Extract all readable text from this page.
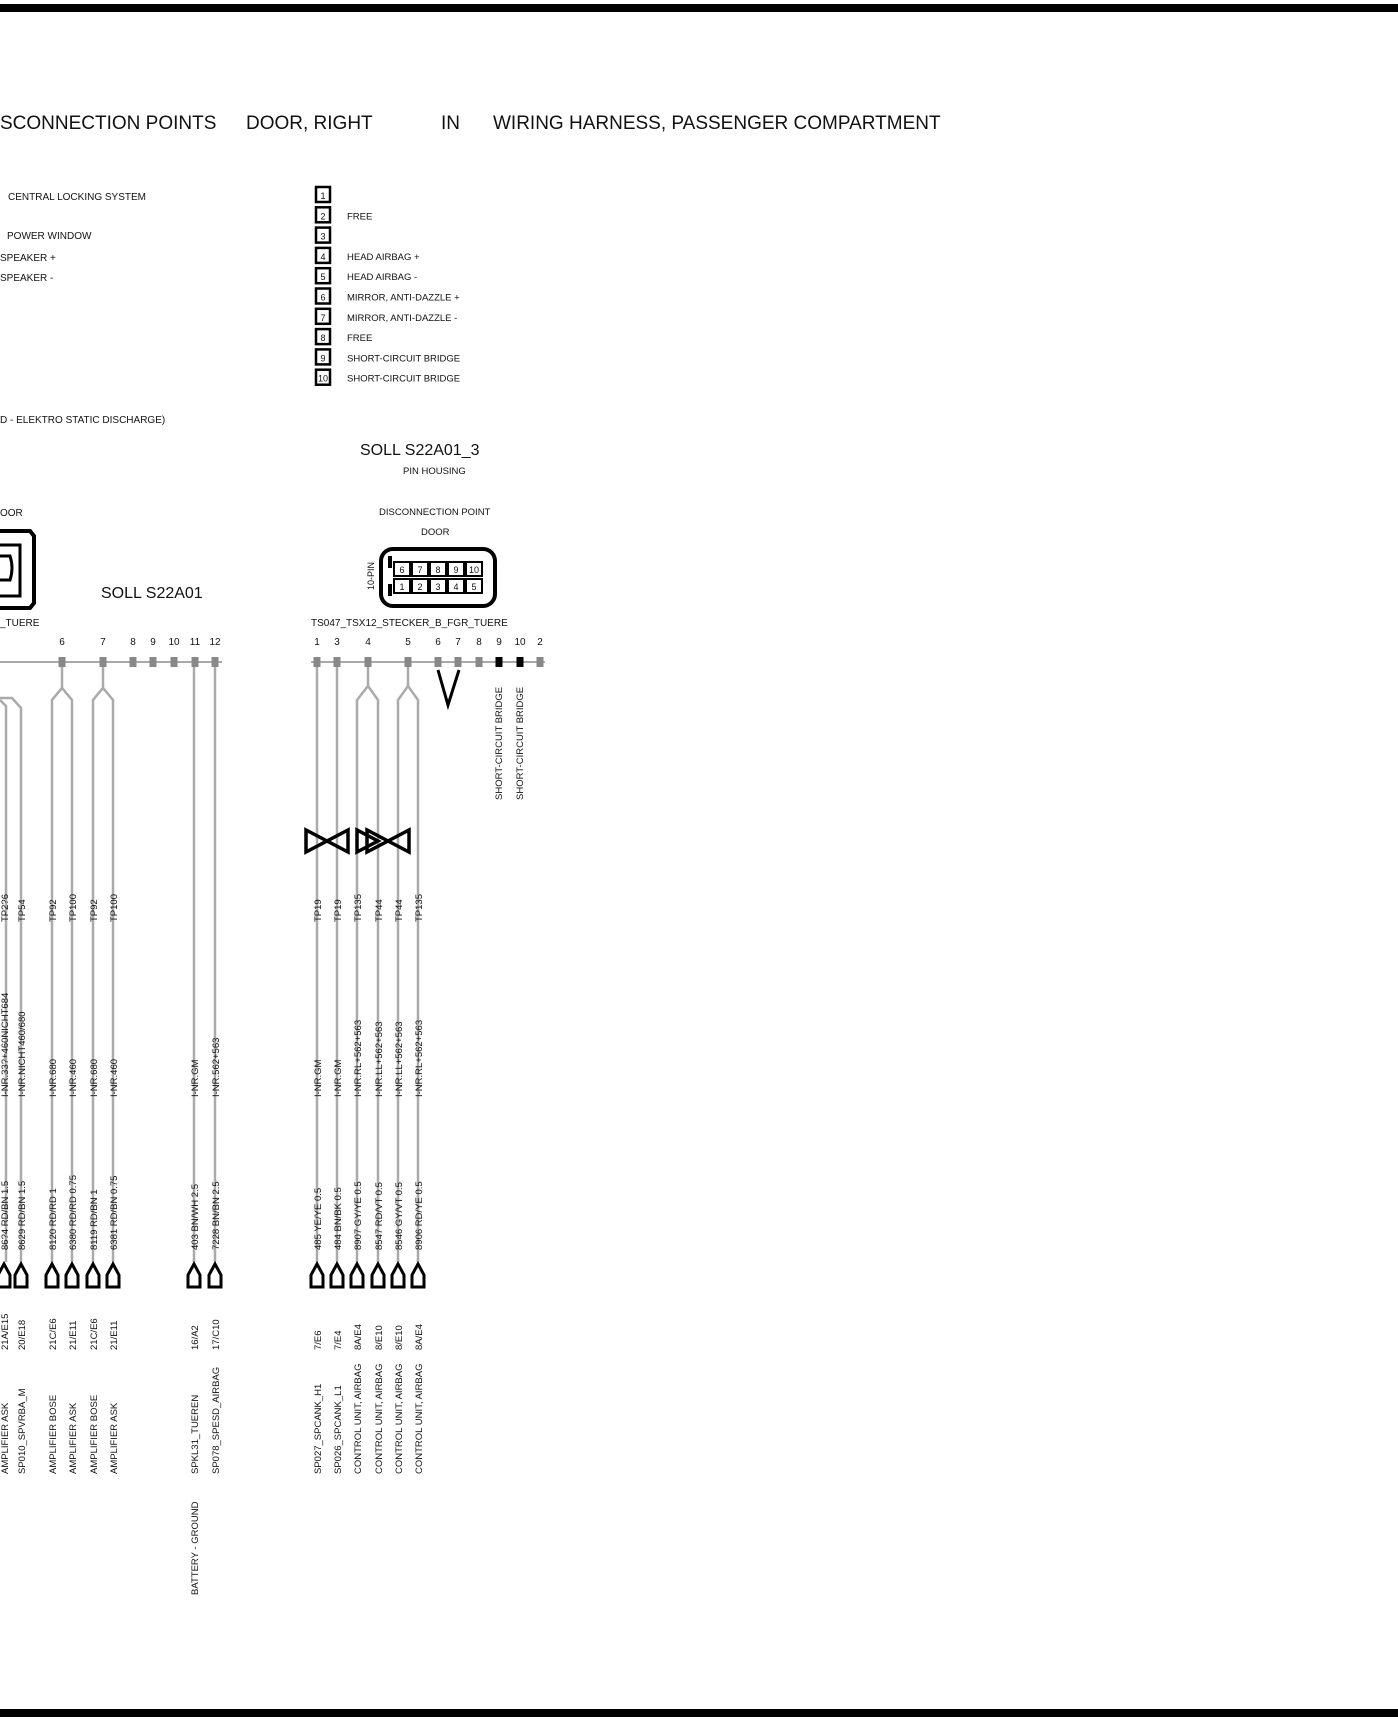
SCONNECTION POINTS DOOR, RIGHT	IN WIRING HARNESS, PASSENGER COMPARTMENT
CENTRAL LOCKING SYSTEM
POWER WINDOW
SPEAKER +
SPEAKER -
D - ELEKTRO STATIC DISCHARGE)
1
2 FREE
3
4 HEAD AIRBAG +
5 HEAD AIRBAG -
6 MIRROR, ANTI-DAZZLE +
7 MIRROR, ANTI-DAZZLE -
8 FREE
9 SHORT-CIRCUIT BRIDGE
10 SHORT-CIRCUIT BRIDGE
OOR
SOLL S22A01
_TUERE
6	7 8 9 10 11 12
SOLL S22A01_3
PIN HOUSING
DISCONNECTION POINT
DOOR
10-PIN	6 7 8 9 10
1 2 3 4 5
TS047_TSX12_STECKER_B_FGR_TUERE
1 3	4	5 6 7 8 9 10 2
SHORT-CIRCUIT BRIDGE SHORT-CIRCUIT BRIDGE
TP2?6
I-NR.33?+460NICHT684
86?4 RD/BN 1.5
21A/E15
AMPLIFIER ASK
TP54
I-NR.NICHT460/680
8629 RD/BN 1.5
20/E18
SP010_SPVRBA_M
TP92
I-NR.680
8120 RD/RD 1
21C/E6
AMPLIFIER BOSE
TP100
I-NR.460
6380 RD/RD 0.75
21/E11
AMPLIFIER ASK
TP92
I-NR.680
8119 RD/BN 1
21C/E6
AMPLIFIER BOSE
TP100
I-NR.460
6381 RD/BN 0.75
21/E11
AMPLIFIER ASK
I-NR.GM
403 BN/WH 2.5
16/A2
SPKL31_TUEREN
BATTERY - GROUND
I-NR.562+563
7228 BN/BN 2.5
17/C10
SP078_SPESD_AIRBAG
TP19
I-NR.GM
485 YE/YE 0.5
7/E6
SP027_SPCANK_H1
TP19
I-NR.GM
484 BN/BK 0.5
7/E4
SP026_SPCANK_L1
TP135
I-NR.RL+562+563
8907 GY/YE 0.5
8A/E4
CONTROL UNIT, AIRBAG
TP44
I-NR.LL+562+563
8547 RD/VT 0.5
8/E10
CONTROL UNIT, AIRBAG
TP44
I-NR.LL+562+563
8546 GY/VT 0.5
8/E10
CONTROL UNIT, AIRBAG
TP135
I-NR.RL+562+563
8906 RD/YE 0.5
8A/E4
CONTROL UNIT, AIRBAG
